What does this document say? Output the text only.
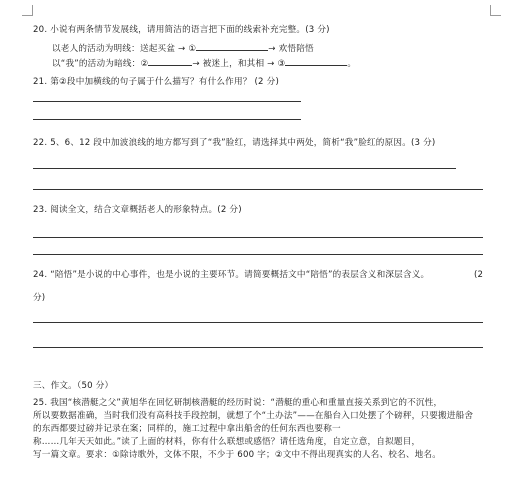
20. 小说有两条情节发展线，请用简洁的语言把下面的线索补充完整。(3 分)
以老人的活动为明线：送起买盆 → ①	→ 欢悟陪悟
以“我”的活动为暗线：②	→ 被迷上，和其相 → ③	。
21. 第②段中加横线的句子属于什么描写？有什么作用？ (2 分)
22. 5、6、12 段中加波浪线的地方都写到了“我”脸红，请选择其中两处，简析“我”脸红的原因。(3 分)
23. 阅读全文，结合文章概括老人的形象特点。(2 分)
24. “陪悟”是小说的中心事件，也是小说的主要环节。请简要概括文中“陪悟”的表层含义和深层含义。	(2
分)
三、作文。（50 分）
25. 我国“核潜艇之父”黄旭华在回忆研制核潜艇的经历时说：“潜艇的重心和重量直接关系到它的不沉性，
所以要数据准确，当时我们没有高科技手段控制，就想了个“土办法”——在船台入口处摆了个磅秤，只要搬进船舍
的东西都要过磅并记录在案；同样的，施工过程中拿出船舍的任何东西也要称一
称……几年天天如此。”读了上面的材料，你有什么联想或感悟？请任选角度，自定立意，自拟题目，
写一篇文章。要求：①除诗歌外，文体不限，不少于 600 字；②文中不得出现真实的人名、校名、地名。
